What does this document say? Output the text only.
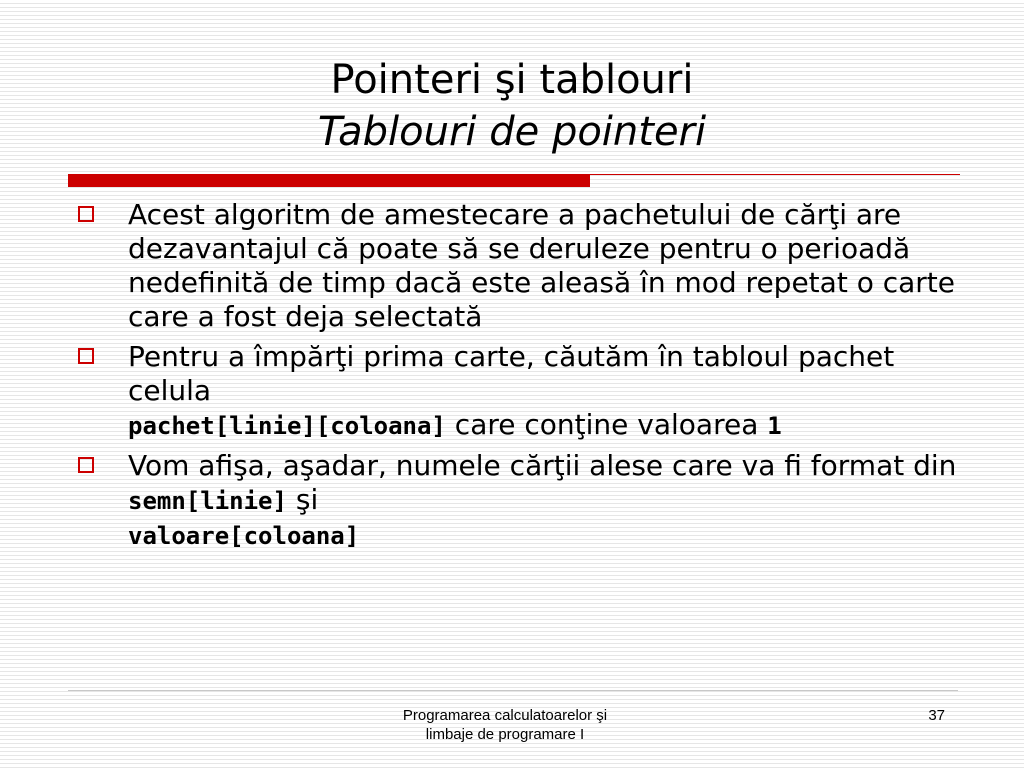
Pointeri şi tablouri
Tablouri de pointeri
Acest algoritm de amestecare a pachetului de cărţi are dezavantajul că poate să se deruleze pentru o perioadă nedefinită de timp dacă este aleasă în mod repetat o carte care a fost deja selectată
Pentru a împărţi prima carte, căutăm în tabloul pachet celula
pachet[linie][coloana] care conţine valoarea 1
Vom afişa, aşadar, numele cărţii alese care va fi format din semn[linie] şi
valoare[coloana]
Programarea calculatoarelor şi
limbaje de programare I
37
